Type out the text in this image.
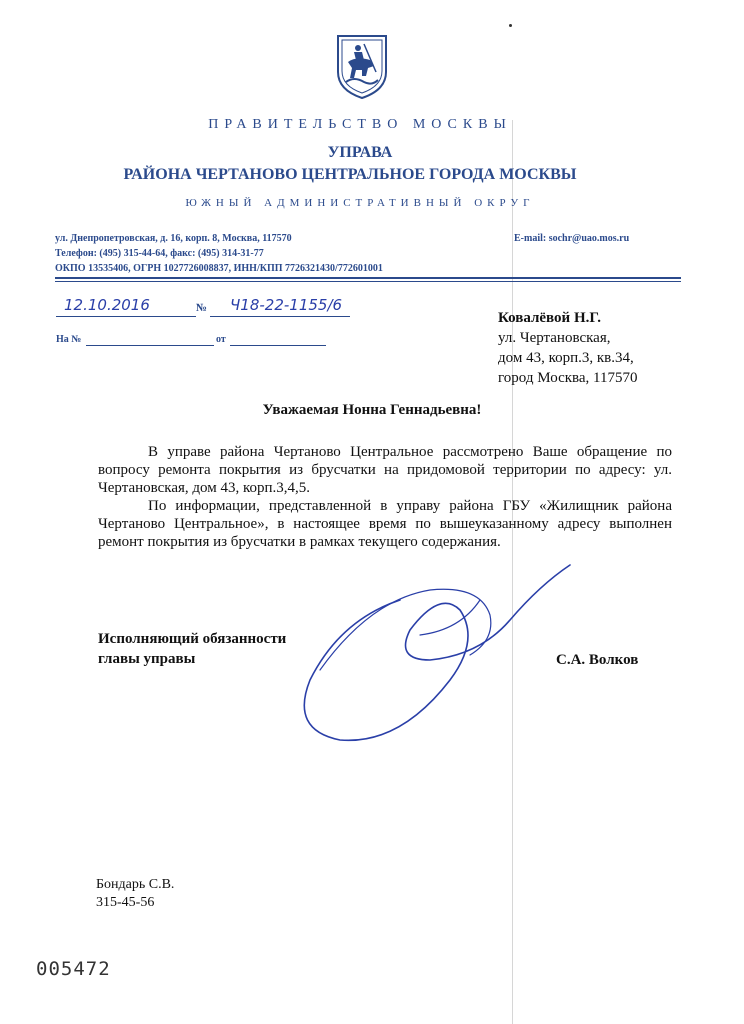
ПРАВИТЕЛЬСТВО МОСКВЫ
УПРАВА
РАЙОНА ЧЕРТАНОВО ЦЕНТРАЛЬНОЕ ГОРОДА МОСКВЫ
ЮЖНЫЙ АДМИНИСТРАТИВНЫЙ ОКРУГ
ул. Днепропетровская, д. 16, корп. 8, Москва, 117570
Телефон: (495) 315-44-64, факс: (495) 314-31-77
ОКПО 13535406, ОГРН 1027726008837, ИНН/КПП 7726321430/772601001
E-mail: sochr@uao.mos.ru
12.10.2016	№ Ч18-22-1155/6
На №	от
Ковалёвой Н.Г.
ул. Чертановская,
дом 43, корп.3, кв.34,
город Москва, 117570
Уважаемая Нонна Геннадьевна!

В управе района Чертаново Центральное рассмотрено Ваше обращение по вопросу ремонта покрытия из брусчатки на придомовой территории по адресу: ул. Чертановская, дом 43, корп.3,4,5.

По информации, представленной в управу района ГБУ «Жилищник района Чертаново Центральное», в настоящее время по вышеуказанному адресу выполнен ремонт покрытия из брусчатки в рамках текущего содержания.

Исполняющий обязанности
главы управы	С.А. Волков
Бондарь С.В.
315-45-56
005472
